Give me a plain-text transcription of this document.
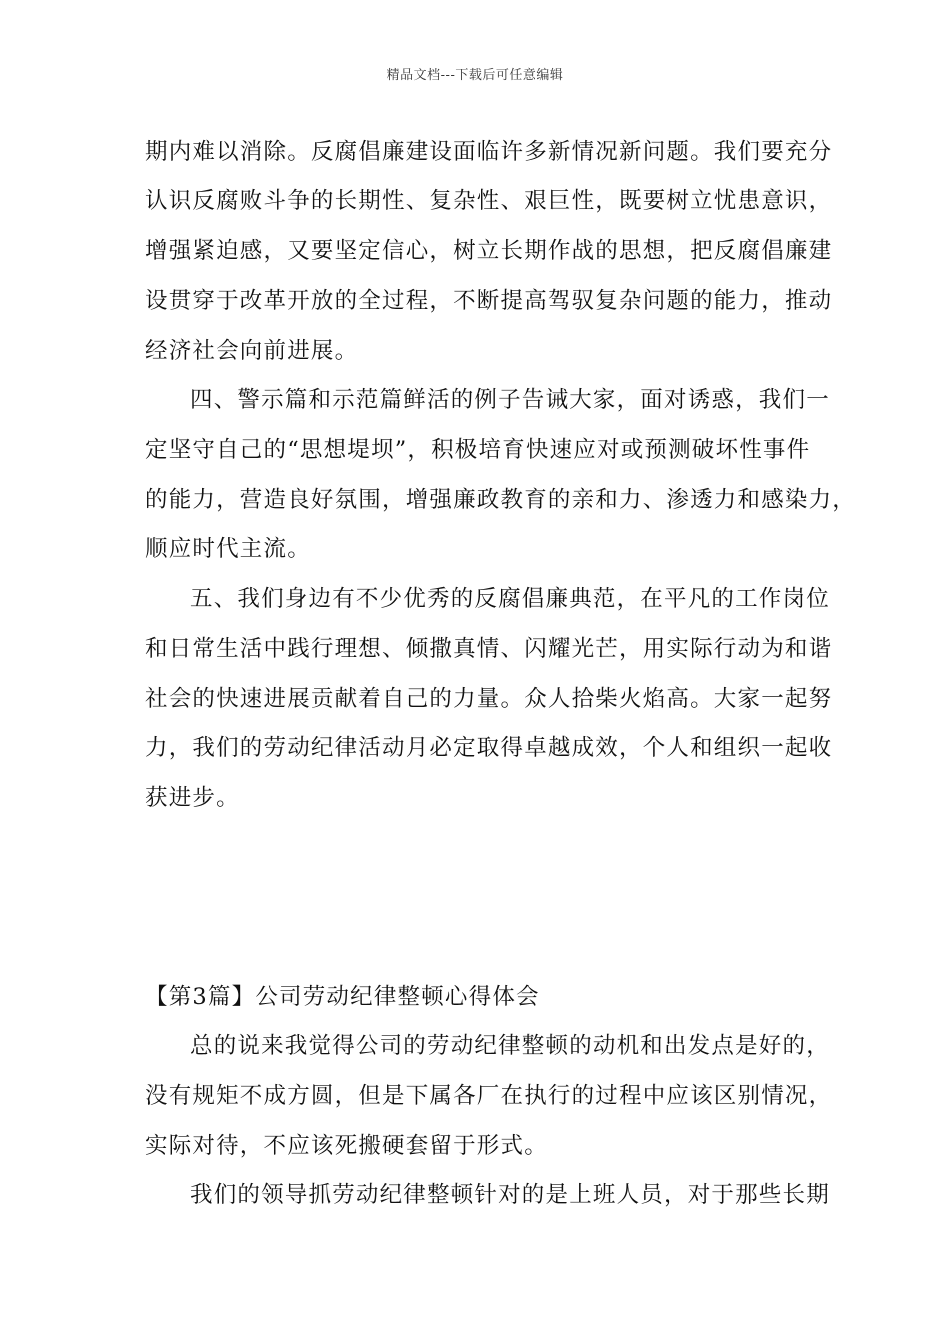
精品文档---下载后可任意编辑
期内难以消除。反腐倡廉建设面临许多新情况新问题。我们要充分
认识反腐败斗争的长期性、复杂性、艰巨性，既要树立忧患意识，
增强紧迫感，又要坚定信心，树立长期作战的思想，把反腐倡廉建
设贯穿于改革开放的全过程，不断提高驾驭复杂问题的能力，推动
经济社会向前进展。
四、警示篇和示范篇鲜活的例子告诫大家，面对诱惑，我们一
定坚守自己的“思想堤坝”，积极培育快速应对或预测破坏性事件
的能力，营造良好氛围，增强廉政教育的亲和力、渗透力和感染力，
顺应时代主流。
五、我们身边有不少优秀的反腐倡廉典范，在平凡的工作岗位
和日常生活中践行理想、倾撒真情、闪耀光芒，用实际行动为和谐
社会的快速进展贡献着自己的力量。众人拾柴火焰高。大家一起努
力，我们的劳动纪律活动月必定取得卓越成效，个人和组织一起收
获进步。
【第3篇】公司劳动纪律整顿心得体会
总的说来我觉得公司的劳动纪律整顿的动机和出发点是好的，
没有规矩不成方圆，但是下属各厂在执行的过程中应该区别情况，
实际对待，不应该死搬硬套留于形式。
我们的领导抓劳动纪律整顿针对的是上班人员，对于那些长期
